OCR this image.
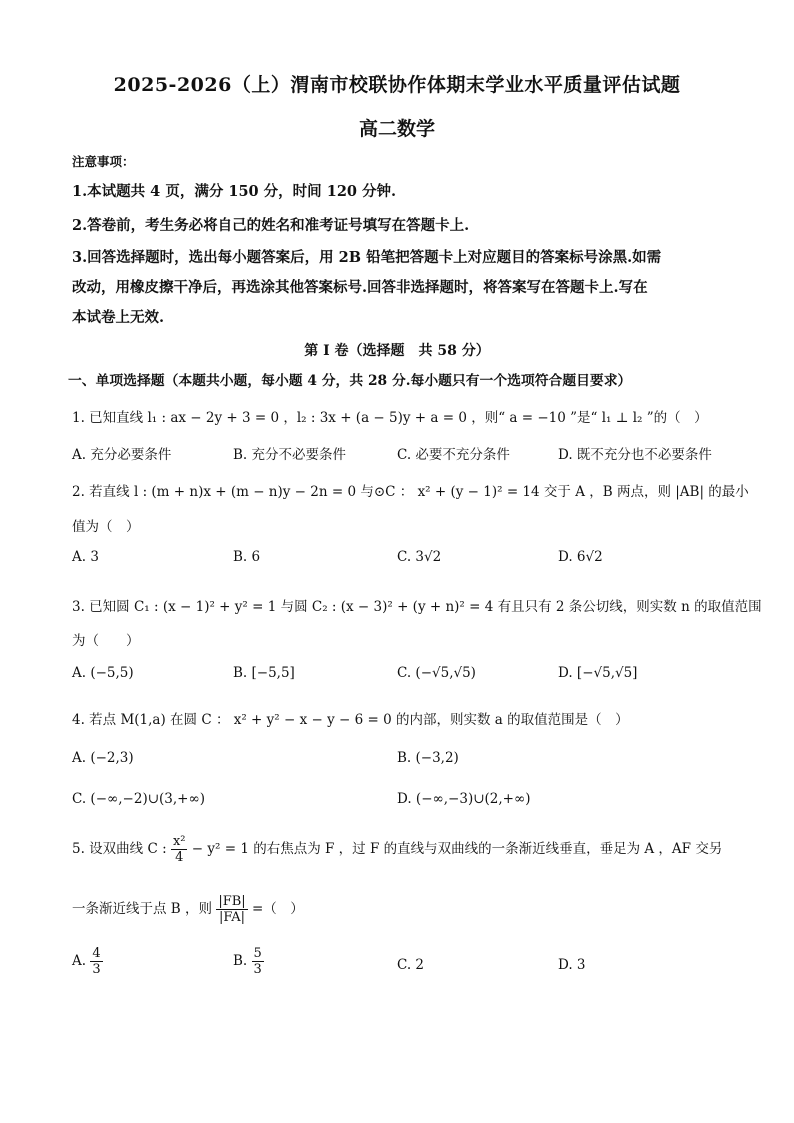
2025-2026（上）渭南市校联协作体期末学业水平质量评估试题
高二数学
注意事项：
1.本试题共 4 页，满分 150 分，时间 120 分钟.
2.答卷前，考生务必将自己的姓名和准考证号填写在答题卡上.
3.回答选择题时，选出每小题答案后，用 2B 铅笔把答题卡上对应题目的答案标号涂黑.如需
改动，用橡皮擦干净后，再选涂其他答案标号.回答非选择题时，将答案写在答题卡上.写在
本试卷上无效.
第 I 卷（选择题　共 58 分）
一、单项选择题（本题共小题，每小题 4 分，共 28 分.每小题只有一个选项符合题目要求）
1. 已知直线 l₁ : ax − 2y + 3 = 0 ，l₂ : 3x + (a − 5)y + a = 0 ，则“ a = −10 ”是“ l₁ ⊥ l₂ ”的（　）
A. 充分必要条件	B. 充分不必要条件	C. 必要不充分条件	D. 既不充分也不必要条件
2. 若直线 l : (m + n)x + (m − n)y − 2n = 0 与⊙C ： x² + (y − 1)² = 14 交于 A ，B 两点，则 |AB| 的最小
值为（　）
A. 3	B. 6	C. 3√2	D. 6√2
3. 已知圆 C₁ : (x − 1)² + y² = 1 与圆 C₂ : (x − 3)² + (y + n)² = 4 有且只有 2 条公切线，则实数 n 的取值范围
为（　　）
A. (−5,5)	B. [−5,5]	C. (−√5,√5)	D. [−√5,√5]
4. 若点 M(1,a) 在圆 C ： x² + y² − x − y − 6 = 0 的内部，则实数 a 的取值范围是（　）
A. (−2,3)	B. (−3,2)
C. (−∞,−2)∪(3,+∞)	D. (−∞,−3)∪(2,+∞)
5. 设双曲线 C : $\frac{\text{x²}}{4} - y^2 = 1$ 的右焦点为 F ，过 F 的直线与双曲线的一条渐近线垂直，垂足为 A ，AF 交另
一条渐近线于点 B ，则 $\frac{|FB|}{|FA|}$ =（　）
A. $\frac{4}{3}$	B. $\frac{5}{3}$	C. 2	D. 3
